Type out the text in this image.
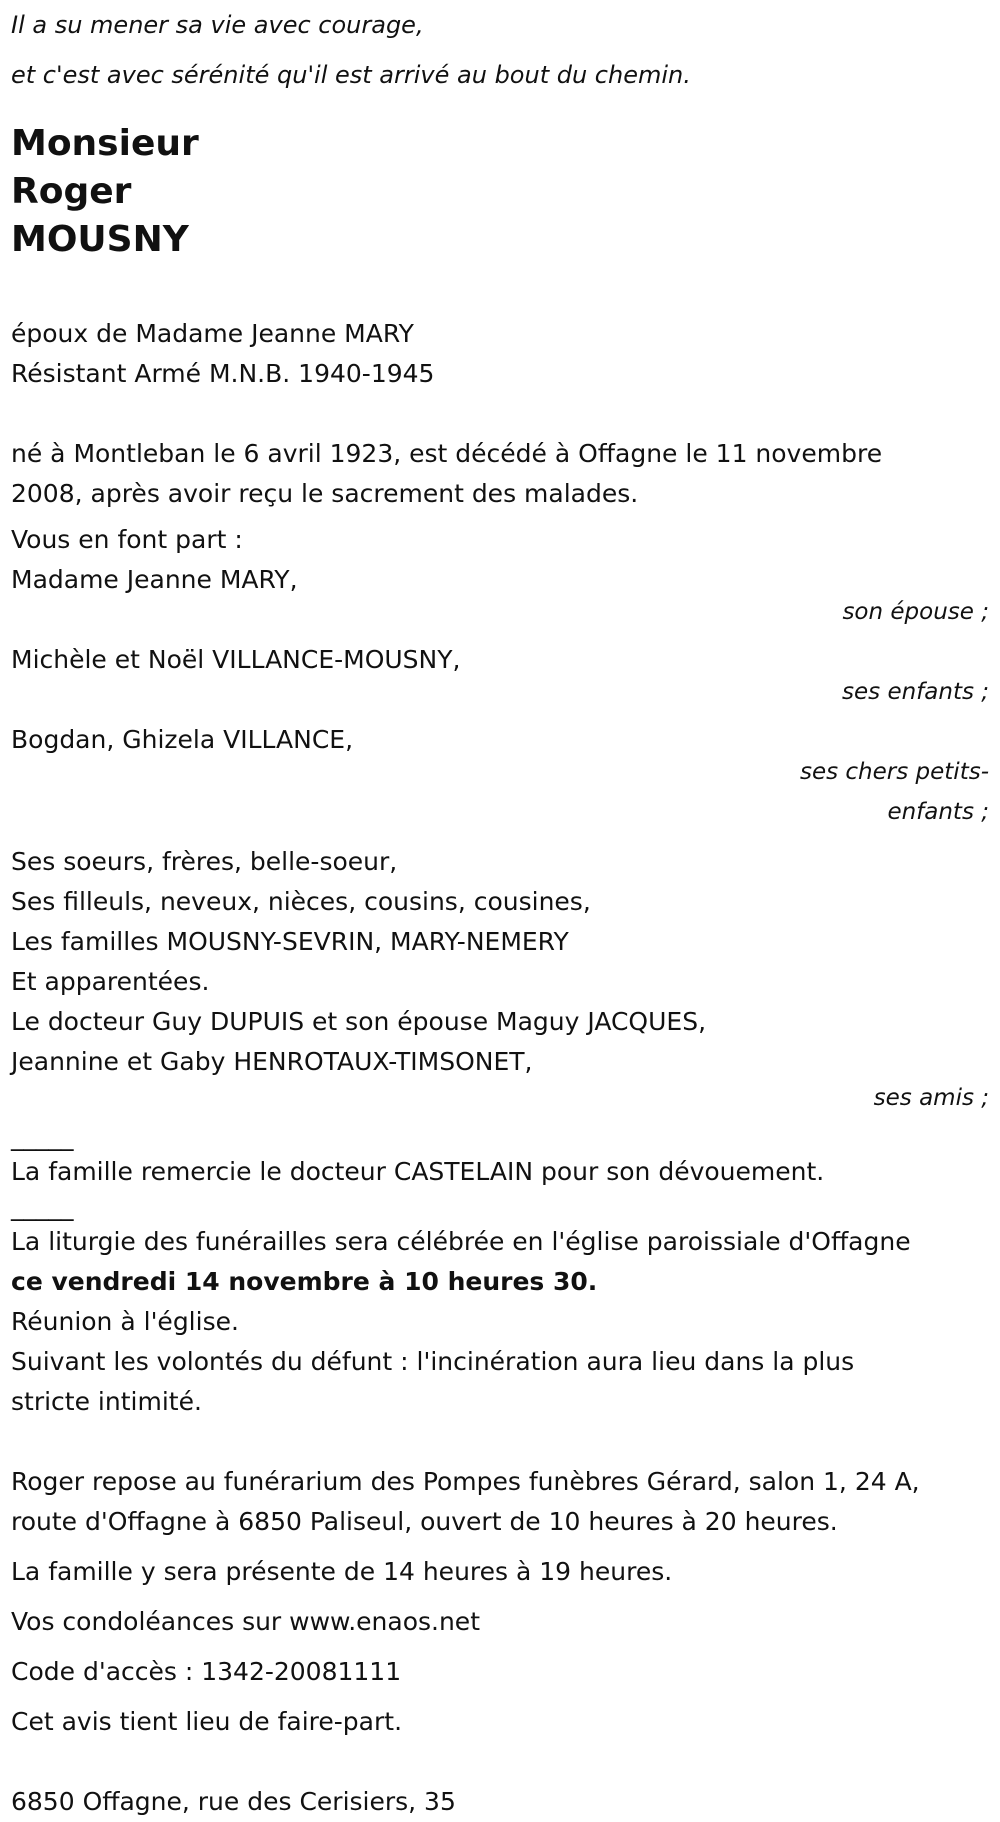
Il a su mener sa vie avec courage,
et c'est avec sérénité qu'il est arrivé au bout du chemin.
Monsieur
Roger
MOUSNY
époux de Madame Jeanne MARY
Résistant Armé M.N.B. 1940-1945
né à Montleban le 6 avril 1923, est décédé à Offagne le 11 novembre
2008, après avoir reçu le sacrement des malades.
Vous en font part :
Madame Jeanne MARY,
son épouse ;
Michèle et Noël VILLANCE-MOUSNY,
ses enfants ;
Bogdan, Ghizela VILLANCE,
ses chers petits-
enfants ;
Ses soeurs, frères, belle-soeur,
Ses filleuls, neveux, nièces, cousins, cousines,
Les familles MOUSNY-SEVRIN, MARY-NEMERY
Et apparentées.
Le docteur Guy DUPUIS et son épouse Maguy JACQUES,
Jeannine et Gaby HENROTAUX-TIMSONET,
ses amis ;
_____
La famille remercie le docteur CASTELAIN pour son dévouement.
_____
La liturgie des funérailles sera célébrée en l'église paroissiale d'Offagne
ce vendredi 14 novembre à 10 heures 30.
Réunion à l'église.
Suivant les volontés du défunt : l'incinération aura lieu dans la plus
stricte intimité.
Roger repose au funérarium des Pompes funèbres Gérard, salon 1, 24 A,
route d'Offagne à 6850 Paliseul, ouvert de 10 heures à 20 heures.
La famille y sera présente de 14 heures à 19 heures.
Vos condoléances sur www.enaos.net
Code d'accès : 1342-20081111
Cet avis tient lieu de faire-part.
6850 Offagne, rue des Cerisiers, 35
